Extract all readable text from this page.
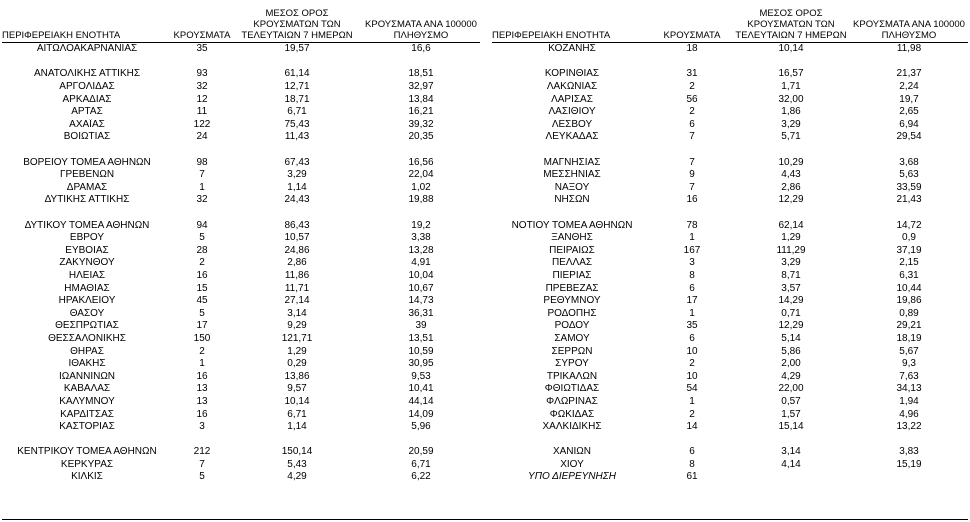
ΠΕΡΙΦΕΡΕΙΑΚΗ ΕΝΟΤΗΤΑ	ΚΡΟΥΣΜΑΤΑ	ΜΕΣΟΣ ΟΡΟΣ ΚΡΟΥΣΜΑΤΩΝ ΤΩΝ ΤΕΛΕΥΤΑΙΩΝ 7 ΗΜΕΡΩΝ	ΚΡΟΥΣΜΑΤΑ ΑΝΑ 100000 ΠΛΗΘΥΣΜΟ
ΑΙΤΩΛΟΑΚΑΡΝΑΝΙΑΣ	35	19,57	16,6

ΑΝΑΤΟΛΙΚΗΣ ΑΤΤΙΚΗΣ	93	61,14	18,51
ΑΡΓΟΛΙΔΑΣ	32	12,71	32,97
ΑΡΚΑΔΙΑΣ	12	18,71	13,84
ΑΡΤΑΣ	11	6,71	16,21
ΑΧΑΪΑΣ	122	75,43	39,32
ΒΟΙΩΤΙΑΣ	24	11,43	20,35

ΒΟΡΕΙΟΥ ΤΟΜΕΑ ΑΘΗΝΩΝ	98	67,43	16,56
ΓΡΕΒΕΝΩΝ	7	3,29	22,04
ΔΡΑΜΑΣ	1	1,14	1,02
ΔΥΤΙΚΗΣ ΑΤΤΙΚΗΣ	32	24,43	19,88

ΔΥΤΙΚΟΥ ΤΟΜΕΑ ΑΘΗΝΩΝ	94	86,43	19,2
ΕΒΡΟΥ	5	10,57	3,38
ΕΥΒΟΙΑΣ	28	24,86	13,28
ΖΑΚΥΝΘΟΥ	2	2,86	4,91
ΗΛΕΙΑΣ	16	11,86	10,04
ΗΜΑΘΙΑΣ	15	11,71	10,67
ΗΡΑΚΛΕΙΟΥ	45	27,14	14,73
ΘΑΣΟΥ	5	3,14	36,31
ΘΕΣΠΡΩΤΙΑΣ	17	9,29	39
ΘΕΣΣΑΛΟΝΙΚΗΣ	150	121,71	13,51
ΘΗΡΑΣ	2	1,29	10,59
ΙΘΑΚΗΣ	1	0,29	30,95
ΙΩΑΝΝΙΝΩΝ	16	13,86	9,53
ΚΑΒΑΛΑΣ	13	9,57	10,41
ΚΑΛΥΜΝΟΥ	13	10,14	44,14
ΚΑΡΔΙΤΣΑΣ	16	6,71	14,09
ΚΑΣΤΟΡΙΑΣ	3	1,14	5,96

ΚΕΝΤΡΙΚΟΥ ΤΟΜΕΑ ΑΘΗΝΩΝ	212	150,14	20,59
ΚΕΡΚΥΡΑΣ	7	5,43	6,71
ΚΙΛΚΙΣ	5	4,29	6,22
ΠΕΡΙΦΕΡΕΙΑΚΗ ΕΝΟΤΗΤΑ	ΚΡΟΥΣΜΑΤΑ	ΜΕΣΟΣ ΟΡΟΣ ΚΡΟΥΣΜΑΤΩΝ ΤΩΝ ΤΕΛΕΥΤΑΙΩΝ 7 ΗΜΕΡΩΝ	ΚΡΟΥΣΜΑΤΑ ΑΝΑ 100000 ΠΛΗΘΥΣΜΟ
ΚΟΖΑΝΗΣ	18	10,14	11,98

ΚΟΡΙΝΘΙΑΣ	31	16,57	21,37
ΛΑΚΩΝΙΑΣ	2	1,71	2,24
ΛΑΡΙΣΑΣ	56	32,00	19,7
ΛΑΣΙΘΙΟΥ	2	1,86	2,65
ΛΕΣΒΟΥ	6	3,29	6,94
ΛΕΥΚΑΔΑΣ	7	5,71	29,54

ΜΑΓΝΗΣΙΑΣ	7	10,29	3,68
ΜΕΣΣΗΝΙΑΣ	9	4,43	5,63
ΝΑΞΟΥ	7	2,86	33,59
ΝΗΣΩΝ	16	12,29	21,43

ΝΟΤΙΟΥ ΤΟΜΕΑ ΑΘΗΝΩΝ	78	62,14	14,72
ΞΑΝΘΗΣ	1	1,29	0,9
ΠΕΙΡΑΙΩΣ	167	111,29	37,19
ΠΕΛΛΑΣ	3	3,29	2,15
ΠΙΕΡΙΑΣ	8	8,71	6,31
ΠΡΕΒΕΖΑΣ	6	3,57	10,44
ΡΕΘΥΜΝΟΥ	17	14,29	19,86
ΡΟΔΟΠΗΣ	1	0,71	0,89
ΡΟΔΟΥ	35	12,29	29,21
ΣΑΜΟΥ	6	5,14	18,19
ΣΕΡΡΩΝ	10	5,86	5,67
ΣΥΡΟΥ	2	2,00	9,3
ΤΡΙΚΑΛΩΝ	10	4,29	7,63
ΦΘΙΩΤΙΔΑΣ	54	22,00	34,13
ΦΛΩΡΙΝΑΣ	1	0,57	1,94
ΦΩΚΙΔΑΣ	2	1,57	4,96
ΧΑΛΚΙΔΙΚΗΣ	14	15,14	13,22

ΧΑΝΙΩΝ	6	3,14	3,83
ΧΙΟΥ	8	4,14	15,19
ΥΠΟ ΔΙΕΡΕΥΝΗΣΗ	61		
